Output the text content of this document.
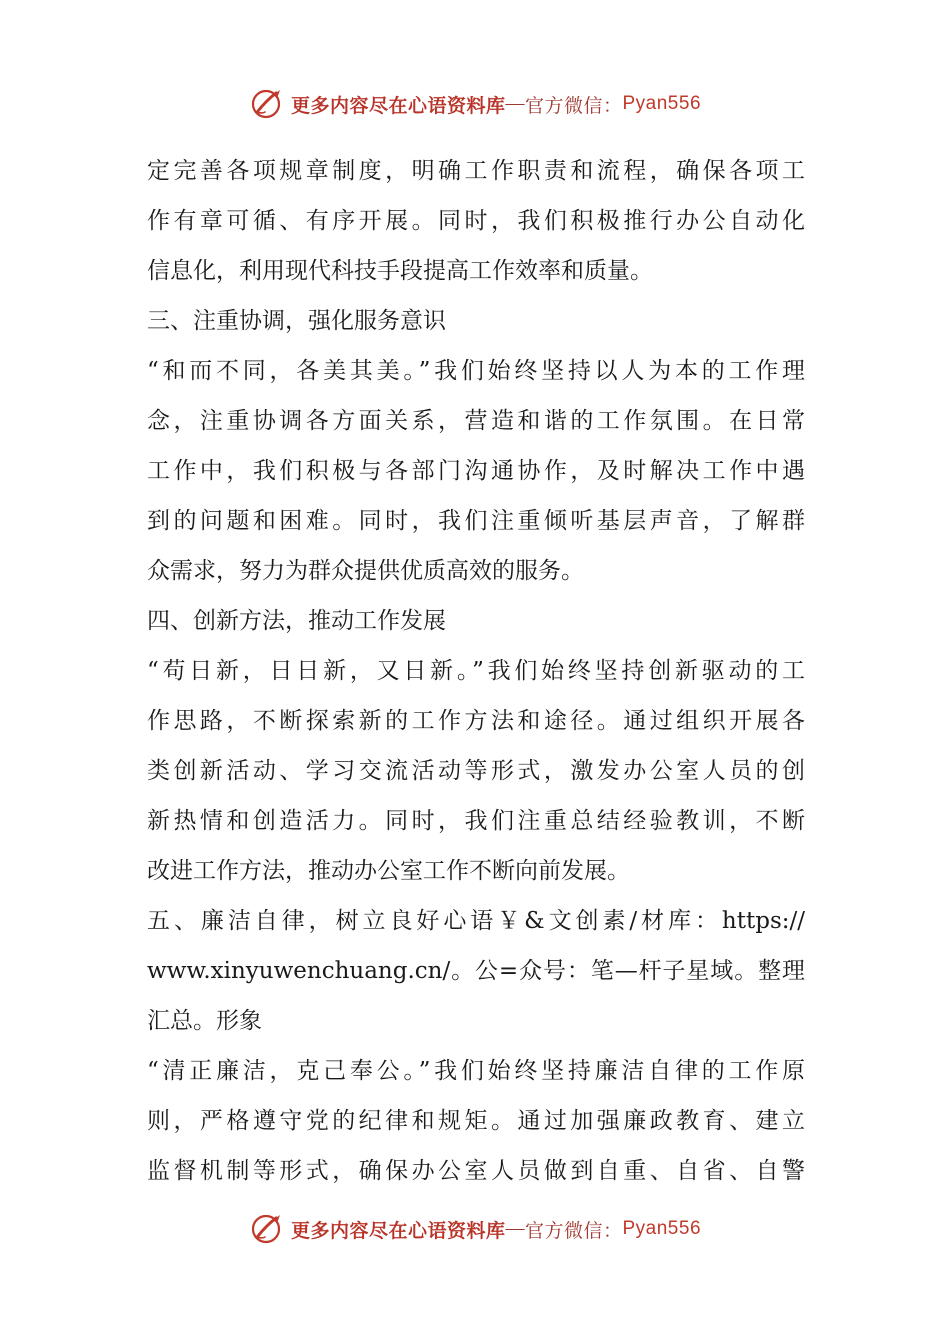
更多内容尽在心语资料库 — 官方微信： Pyan556
定完善各项规章制度，明确工作职责和流程，确保各项工
作有章可循、有序开展。同时，我们积极推行办公自动化
信息化，利用现代科技手段提高工作效率和质量。
三、注重协调，强化服务意识
“和而不同，各美其美。”我们始终坚持以人为本的工作理
念，注重协调各方面关系，营造和谐的工作氛围。在日常
工作中，我们积极与各部门沟通协作，及时解决工作中遇
到的问题和困难。同时，我们注重倾听基层声音，了解群
众需求，努力为群众提供优质高效的服务。
四、创新方法，推动工作发展
“苟日新，日日新，又日新。”我们始终坚持创新驱动的工
作思路，不断探索新的工作方法和途径。通过组织开展各
类创新活动、学习交流活动等形式，激发办公室人员的创
新热情和创造活力。同时，我们注重总结经验教训，不断
改进工作方法，推动办公室工作不断向前发展。
五、廉洁自律，树立良好心语￥&文创素/材库：https://
www.xinyuwenchuang.cn/。公=众号：笔—杆子星域。整理
汇总。形象
“清正廉洁，克己奉公。”我们始终坚持廉洁自律的工作原
则，严格遵守党的纪律和规矩。通过加强廉政教育、建立
监督机制等形式，确保办公室人员做到自重、自省、自警
更多内容尽在心语资料库 — 官方微信： Pyan556
